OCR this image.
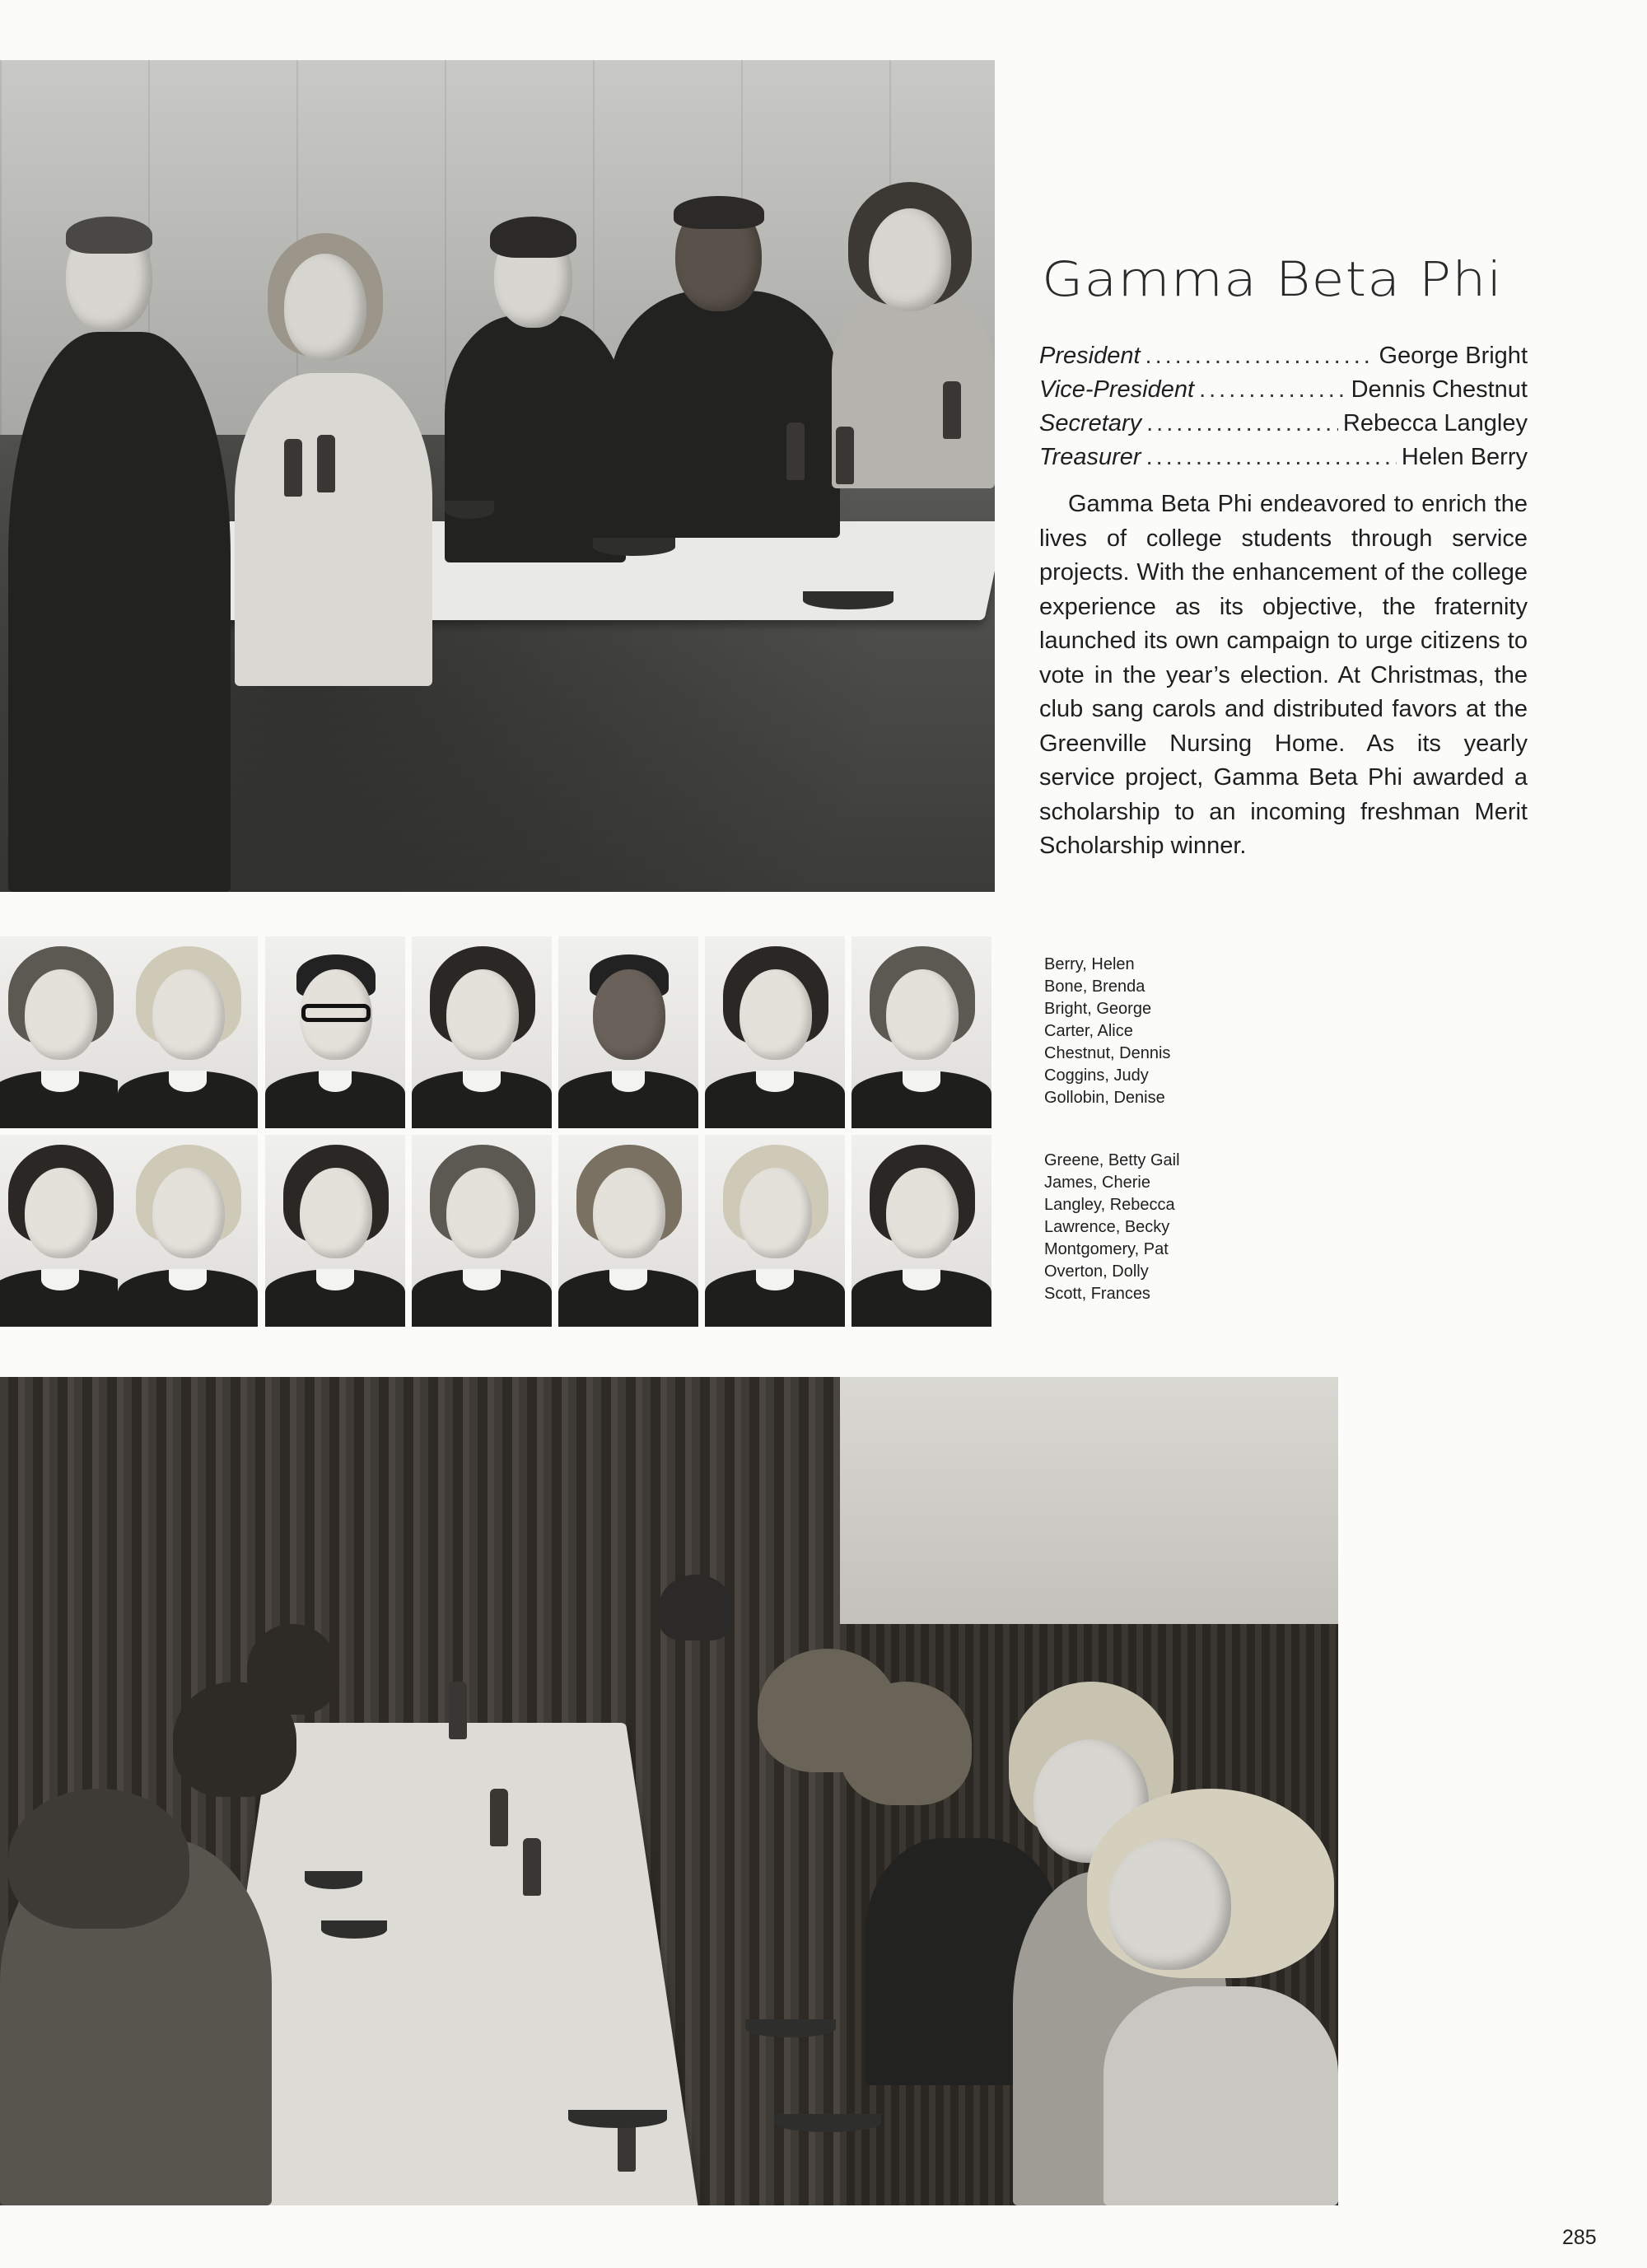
Gamma Beta Phi
President .....	George Bright
Vice-President .....	Dennis Chestnut
Secretary .....	Rebecca Langley
Treasurer .....	Helen Berry
Gamma Beta Phi endeavored to enrich the lives of college students through service projects. With the enhancement of the college experience as its objective, the fraternity launched its own campaign to urge citizens to vote in the year’s election. At Christmas, the club sang carols and distributed favors at the Greenville Nursing Home. As its yearly service project, Gamma Beta Phi awarded a scholarship to an incoming freshman Merit Scholarship winner.
Berry, Helen
Bone, Brenda
Bright, George
Carter, Alice
Chestnut, Dennis
Coggins, Judy
Gollobin, Denise
Greene, Betty Gail
James, Cherie
Langley, Rebecca
Lawrence, Becky
Montgomery, Pat
Overton, Dolly
Scott, Frances
285
